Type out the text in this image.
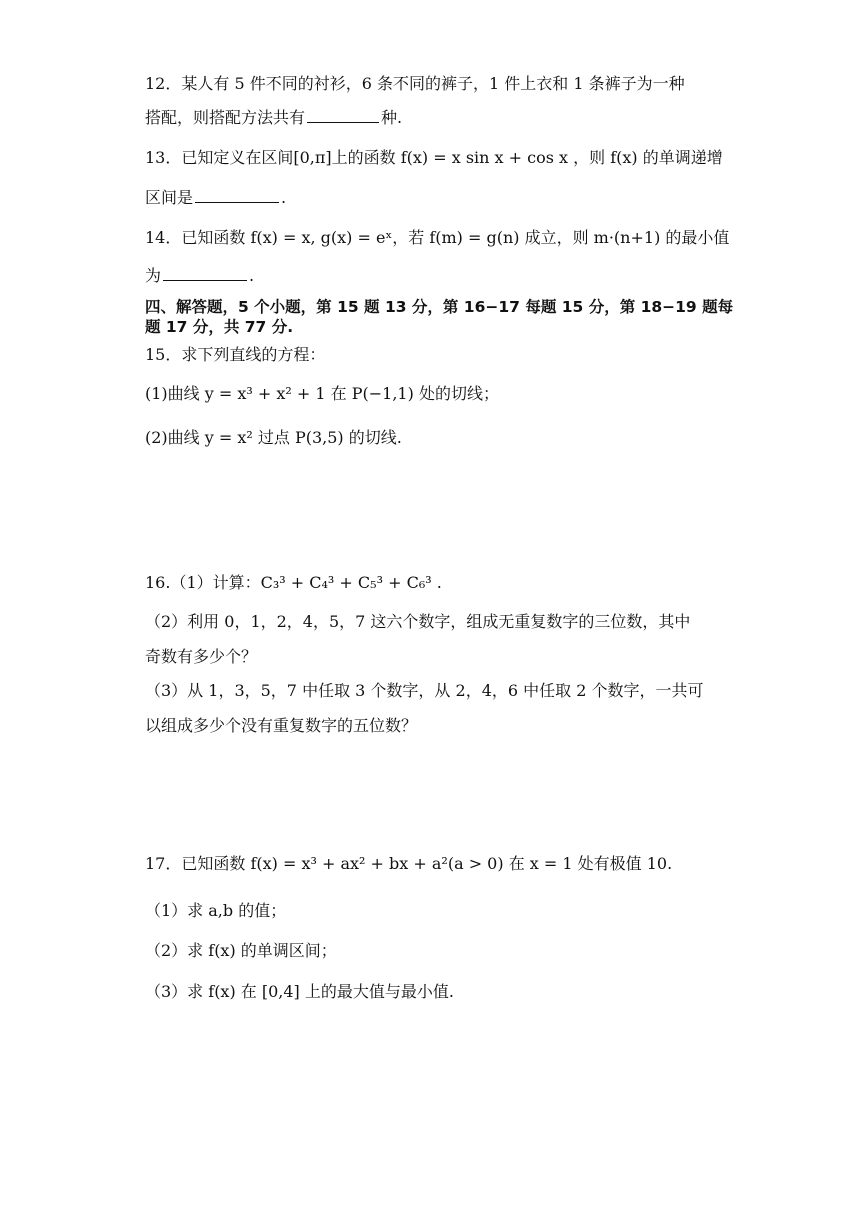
12．某人有 5 件不同的衬衫，6 条不同的裤子，1 件上衣和 1 条裤子为一种
搭配，则搭配方法共有	种.
13．已知定义在区间[0,π]上的函数 f(x) = x sin x + cos x ，则 f(x) 的单调递增
区间是	.
14．已知函数 f(x) = x, g(x) = eˣ，若 f(m) = g(n) 成立，则 m·(n+1) 的最小值
为	.
四、解答题，5 个小题，第 15 题 13 分，第 16−17 每题 15 分，第 18−19 题每
题 17 分，共 77 分.
15．求下列直线的方程：
(1)曲线 y = x³ + x² + 1 在 P(−1,1) 处的切线；
(2)曲线 y = x² 过点 P(3,5) 的切线.
16.（1）计算：C₃³ + C₄³ + C₅³ + C₆³ .
（2）利用 0，1，2，4，5，7 这六个数字，组成无重复数字的三位数，其中
奇数有多少个？
（3）从 1，3，5，7 中任取 3 个数字，从 2，4，6 中任取 2 个数字，一共可
以组成多少个没有重复数字的五位数？
17．已知函数 f(x) = x³ + ax² + bx + a²(a > 0) 在 x = 1 处有极值 10.
（1）求 a,b 的值；
（2）求 f(x) 的单调区间；
（3）求 f(x) 在 [0,4] 上的最大值与最小值.
